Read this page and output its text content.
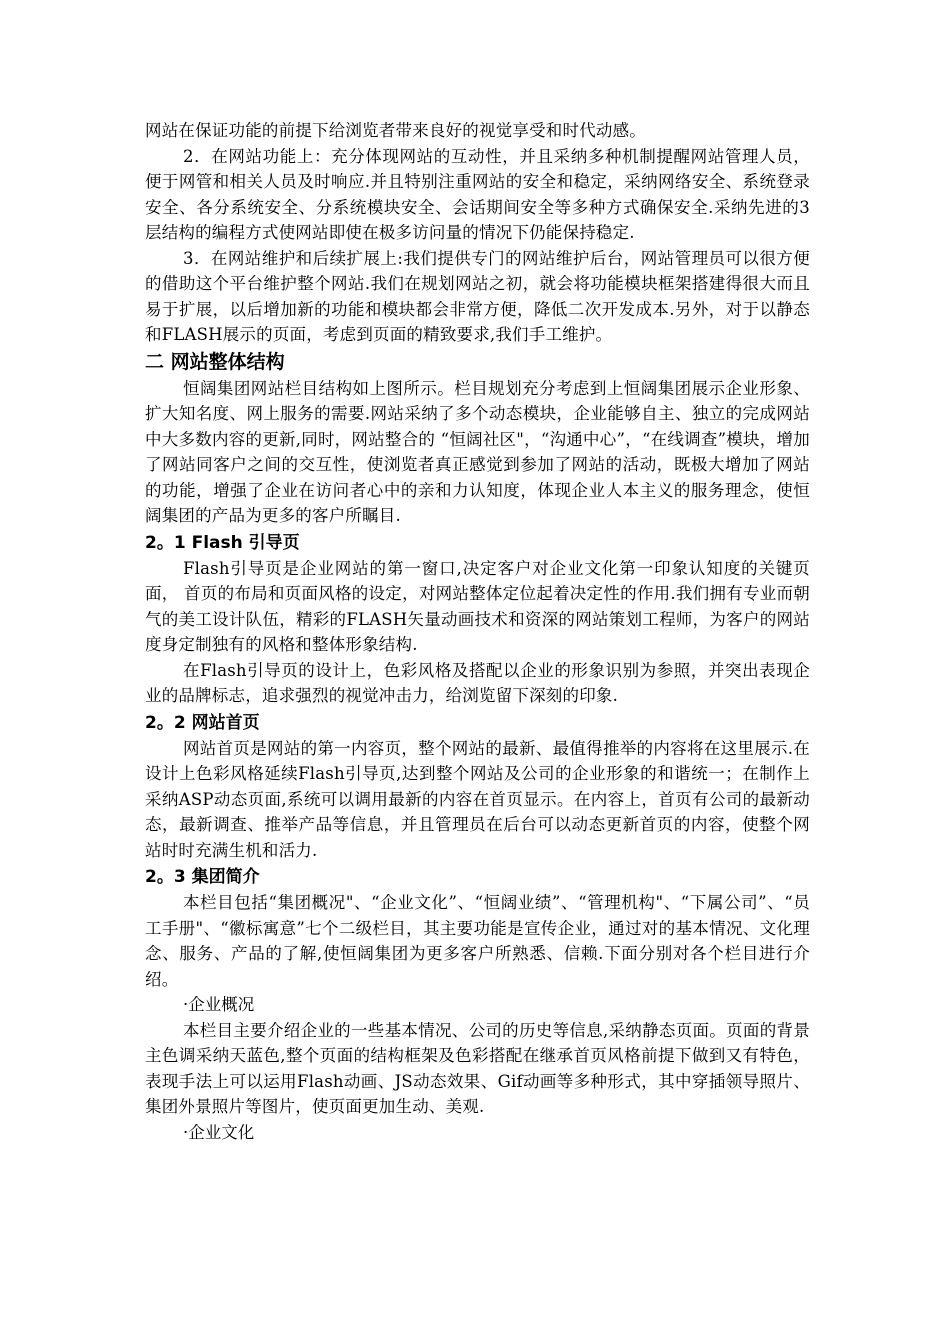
网站在保证功能的前提下给浏览者带来良好的视觉享受和时代动感。

2．在网站功能上：充分体现网站的互动性，并且采纳多种机制提醒网站管理人员，便于网管和相关人员及时响应.并且特别注重网站的安全和稳定，采纳网络安全、系统登录安全、各分系统安全、分系统模块安全、会话期间安全等多种方式确保安全.采纳先进的3层结构的编程方式使网站即使在极多访问量的情况下仍能保持稳定.

3．在网站维护和后续扩展上:我们提供专门的网站维护后台，网站管理员可以很方便的借助这个平台维护整个网站.我们在规划网站之初，就会将功能模块框架搭建得很大而且易于扩展，以后增加新的功能和模块都会非常方便，降低二次开发成本.另外，对于以静态和FLASH展示的页面，考虑到页面的精致要求,我们手工维护。

二 网站整体结构

恒阔集团网站栏目结构如上图所示。栏目规划充分考虑到上恒阔集团展示企业形象、扩大知名度、网上服务的需要.网站采纳了多个动态模块，企业能够自主、独立的完成网站中大多数内容的更新,同时，网站整合的 “恒阔社区"，“沟通中心”，“在线调查”模块，增加了网站同客户之间的交互性，使浏览者真正感觉到参加了网站的活动，既极大增加了网站的功能，增强了企业在访问者心中的亲和力认知度，体现企业人本主义的服务理念，使恒阔集团的产品为更多的客户所瞩目.

2。1 Flash 引导页

Flash引导页是企业网站的第一窗口,决定客户对企业文化第一印象认知度的关键页面， 首页的布局和页面风格的设定，对网站整体定位起着决定性的作用.我们拥有专业而朝气的美工设计队伍，精彩的FLASH矢量动画技术和资深的网站策划工程师，为客户的网站度身定制独有的风格和整体形象结构.

在Flash引导页的设计上，色彩风格及搭配以企业的形象识别为参照，并突出表现企业的品牌标志，追求强烈的视觉冲击力，给浏览留下深刻的印象.

2。2 网站首页

网站首页是网站的第一内容页，整个网站的最新、最值得推举的内容将在这里展示.在设计上色彩风格延续Flash引导页,达到整个网站及公司的企业形象的和谐统一；在制作上采纳ASP动态页面,系统可以调用最新的内容在首页显示。在内容上，首页有公司的最新动态，最新调查、推举产品等信息，并且管理员在后台可以动态更新首页的内容，使整个网站时时充满生机和活力.

2。3 集团简介

本栏目包括“集团概况"、“企业文化”、“恒阔业绩”、“管理机构"、“下属公司”、“员工手册"、“徽标寓意”七个二级栏目，其主要功能是宣传企业，通过对的基本情况、文化理念、服务、产品的了解,使恒阔集团为更多客户所熟悉、信赖.下面分别对各个栏目进行介绍。

·企业概况

本栏目主要介绍企业的一些基本情况、公司的历史等信息,采纳静态页面。页面的背景主色调采纳天蓝色,整个页面的结构框架及色彩搭配在继承首页风格前提下做到又有特色，表现手法上可以运用Flash动画、JS动态效果、Gif动画等多种形式，其中穿插领导照片、集团外景照片等图片，使页面更加生动、美观.

·企业文化
